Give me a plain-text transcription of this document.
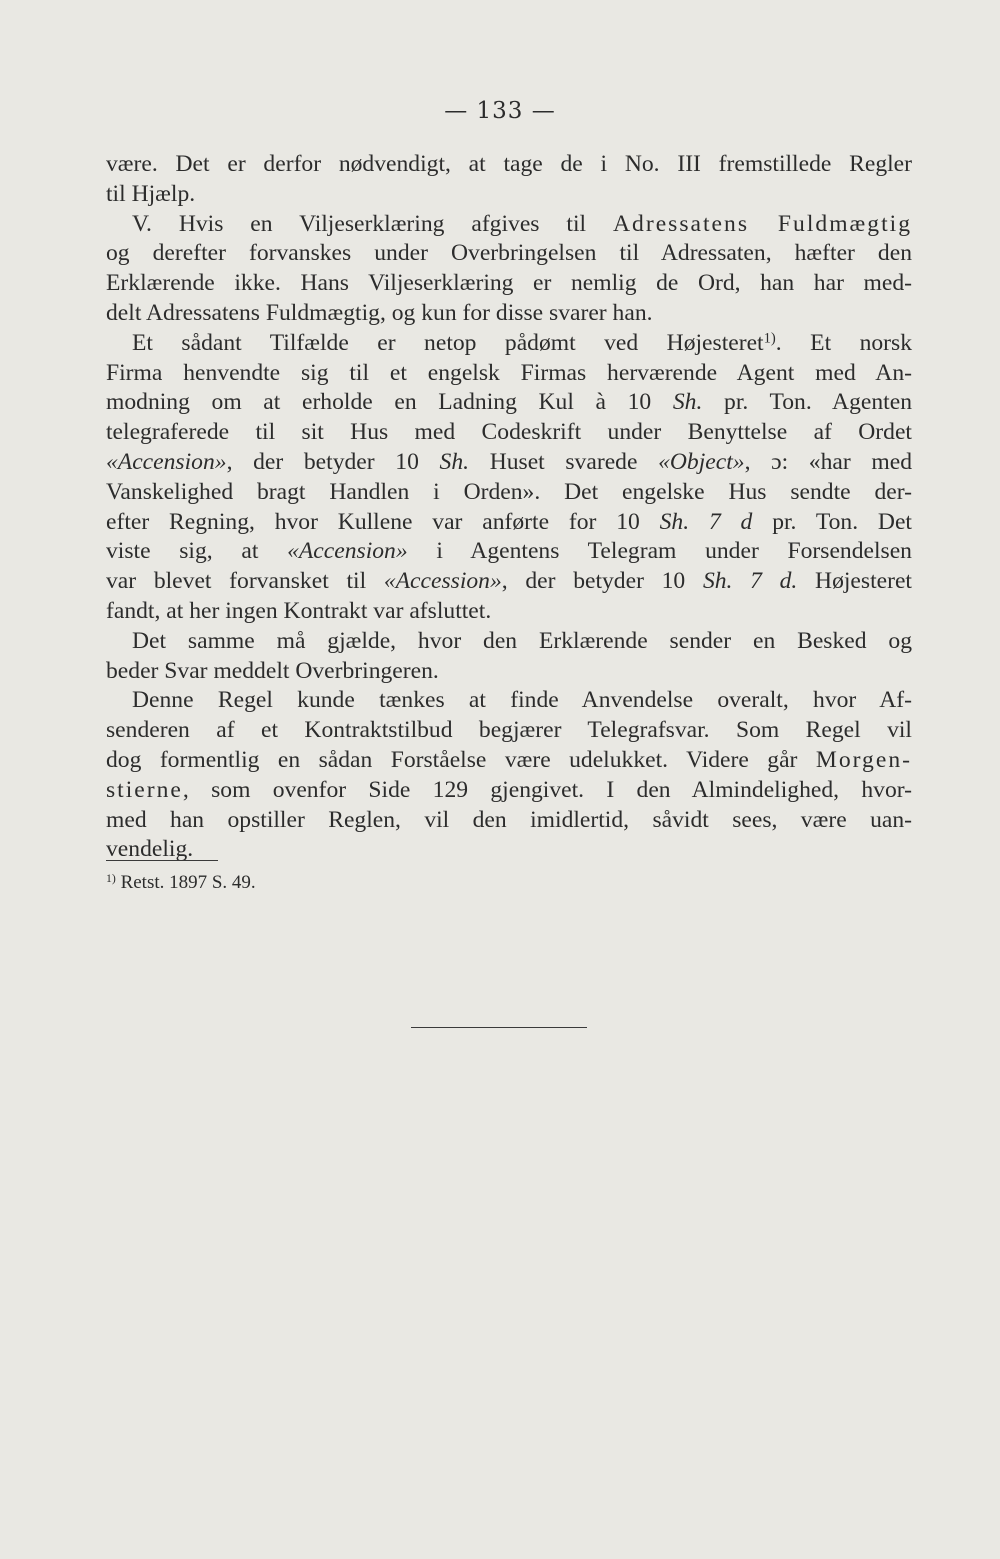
— 133 —
være. Det er derfor nødvendigt, at tage de i No. III fremstillede Regler
til Hjælp.
V. Hvis en Viljeserklæring afgives til Adressatens Fuldmægtig
og derefter forvanskes under Overbringelsen til Adressaten, hæfter den
Erklærende ikke. Hans Viljeserklæring er nemlig de Ord, han har med-
delt Adressatens Fuldmægtig, og kun for disse svarer han.
Et sådant Tilfælde er netop pådømt ved Højesteret$^{1)}$. Et norsk
Firma henvendte sig til et engelsk Firmas herværende Agent med An-
modning om at erholde en Ladning Kul à 10 Sh. pr. Ton. Agenten
telegraferede til sit Hus med Codeskrift under Benyttelse af Ordet
«Accension», der betyder 10 Sh. Huset svarede «Object», ɔ: «har med
Vanskelighed bragt Handlen i Orden». Det engelske Hus sendte der-
efter Regning, hvor Kullene var anførte for 10 Sh. 7 d pr. Ton. Det
viste sig, at «Accension» i Agentens Telegram under Forsendelsen
var blevet forvansket til «Accession», der betyder 10 Sh. 7 d. Højesteret
fandt, at her ingen Kontrakt var afsluttet.
Det samme må gjælde, hvor den Erklærende sender en Besked og
beder Svar meddelt Overbringeren.
Denne Regel kunde tænkes at finde Anvendelse overalt, hvor Af-
senderen af et Kontraktstilbud begjærer Telegrafsvar. Som Regel vil
dog formentlig en sådan Forståelse være udelukket. Videre går Morgen-
stierne, som ovenfor Side 129 gjengivet. I den Almindelighed, hvor-
med han opstiller Reglen, vil den imidlertid, såvidt sees, være uan-
vendelig.
$^{1)}$ Retst. 1897 S. 49.
